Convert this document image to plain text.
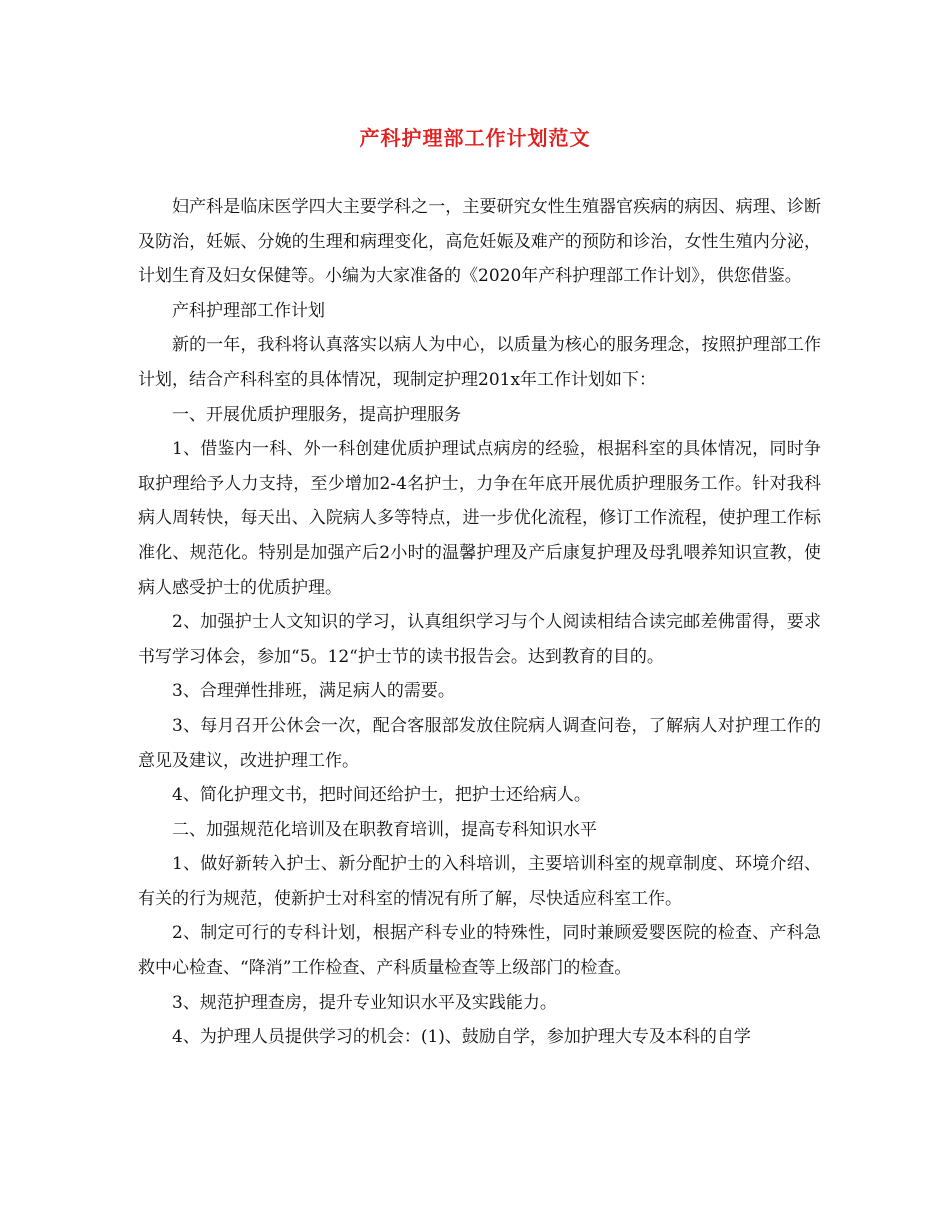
产科护理部工作计划范文

妇产科是临床医学四大主要学科之一，主要研究女性生殖器官疾病的病因、病理、诊断及防治，妊娠、分娩的生理和病理变化，高危妊娠及难产的预防和诊治，女性生殖内分泌，计划生育及妇女保健等。小编为大家准备的《2020年产科护理部工作计划》，供您借鉴。

产科护理部工作计划

新的一年，我科将认真落实以病人为中心，以质量为核心的服务理念，按照护理部工作计划，结合产科科室的具体情况，现制定护理201x年工作计划如下：

一、开展优质护理服务，提高护理服务

1、借鉴内一科、外一科创建优质护理试点病房的经验，根据科室的具体情况，同时争取护理给予人力支持，至少增加2-4名护士，力争在年底开展优质护理服务工作。针对我科病人周转快，每天出、入院病人多等特点，进一步优化流程，修订工作流程，使护理工作标准化、规范化。特别是加强产后2小时的温馨护理及产后康复护理及母乳喂养知识宣教，使病人感受护士的优质护理。

2、加强护士人文知识的学习，认真组织学习与个人阅读相结合读完邮差佛雷得，要求书写学习体会，参加“5。12“护士节的读书报告会。达到教育的目的。

3、合理弹性排班，满足病人的需要。

3、每月召开公休会一次，配合客服部发放住院病人调查问卷，了解病人对护理工作的意见及建议，改进护理工作。

4、简化护理文书，把时间还给护士，把护士还给病人。

二、加强规范化培训及在职教育培训，提高专科知识水平

1、做好新转入护士、新分配护士的入科培训，主要培训科室的规章制度、环境介绍、有关的行为规范，使新护士对科室的情况有所了解，尽快适应科室工作。

2、制定可行的专科计划，根据产科专业的特殊性，同时兼顾爱婴医院的检查、产科急救中心检查、“降消”工作检查、产科质量检查等上级部门的检查。

3、规范护理查房，提升专业知识水平及实践能力。

4、为护理人员提供学习的机会：(1)、鼓励自学，参加护理大专及本科的自学
